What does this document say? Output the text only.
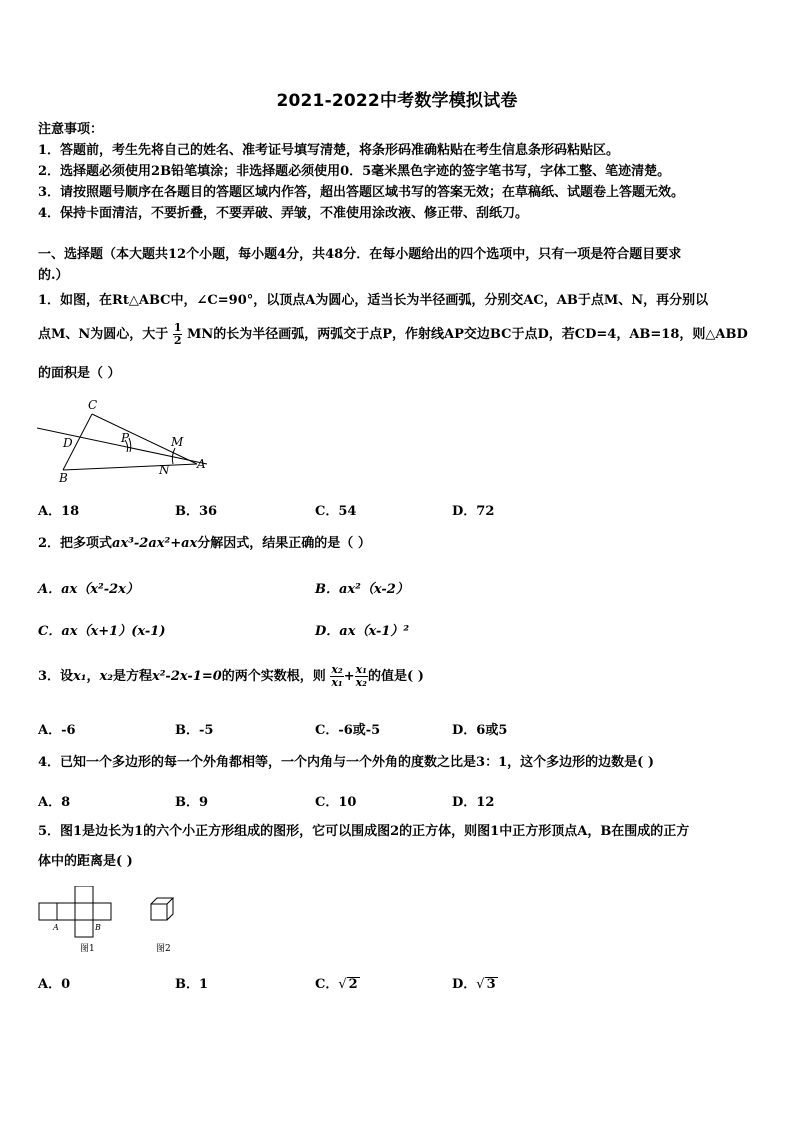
2021-2022中考数学模拟试卷
注意事项：
1．答题前，考生先将自己的姓名、准考证号填写清楚，将条形码准确粘贴在考生信息条形码粘贴区。
2．选择题必须使用2B铅笔填涂；非选择题必须使用0．5毫米黑色字迹的签字笔书写，字体工整、笔迹清楚。
3．请按照题号顺序在各题目的答题区域内作答，超出答题区域书写的答案无效；在草稿纸、试题卷上答题无效。
4．保持卡面清洁，不要折叠，不要弄破、弄皱，不准使用涂改液、修正带、刮纸刀。
一、选择题（本大题共12个小题，每小题4分，共48分．在每小题给出的四个选项中，只有一项是符合题目要求
的.）
1．如图，在Rt△ABC中，∠C=90°，以顶点A为圆心，适当长为半径画弧，分别交AC，AB于点M、N，再分别以
点M、N为圆心，大于 $\frac{1}{2}$ MN的长为半径画弧，两弧交于点P，作射线AP交边BC于点D，若CD=4，AB=18，则△ABD
的面积是（ ）
C
D	P	M
B
N A
A．18	B．36	C．54	D．72
2．把多项式ax³-2ax²+ax分解因式，结果正确的是（ ）
A．ax（x²-2x）	B．ax²（x-2）
C．ax（x+1）(x-1)	D．ax（x-1）²
3．设x₁，x₂是方程x²-2x-1=0的两个实数根，则 $\frac{\text{x₂}}{\text{x₁}} + \frac{\text{x₁}}{\text{x₂}}$ 的值是( )
A．-6	B．-5	C．-6或-5	D．6或5
4．已知一个多边形的每一个外角都相等，一个内角与一个外角的度数之比是3：1，这个多边形的边数是( )
A．8	B．9	C．10	D．12
5．图1是边长为1的六个小正方形组成的图形，它可以围成图2的正方体，则图1中正方形顶点A，B在围成的正方
体中的距离是( )
A	B
图1	图2
A．0	B．1	C．√ 2	D．√ 3
